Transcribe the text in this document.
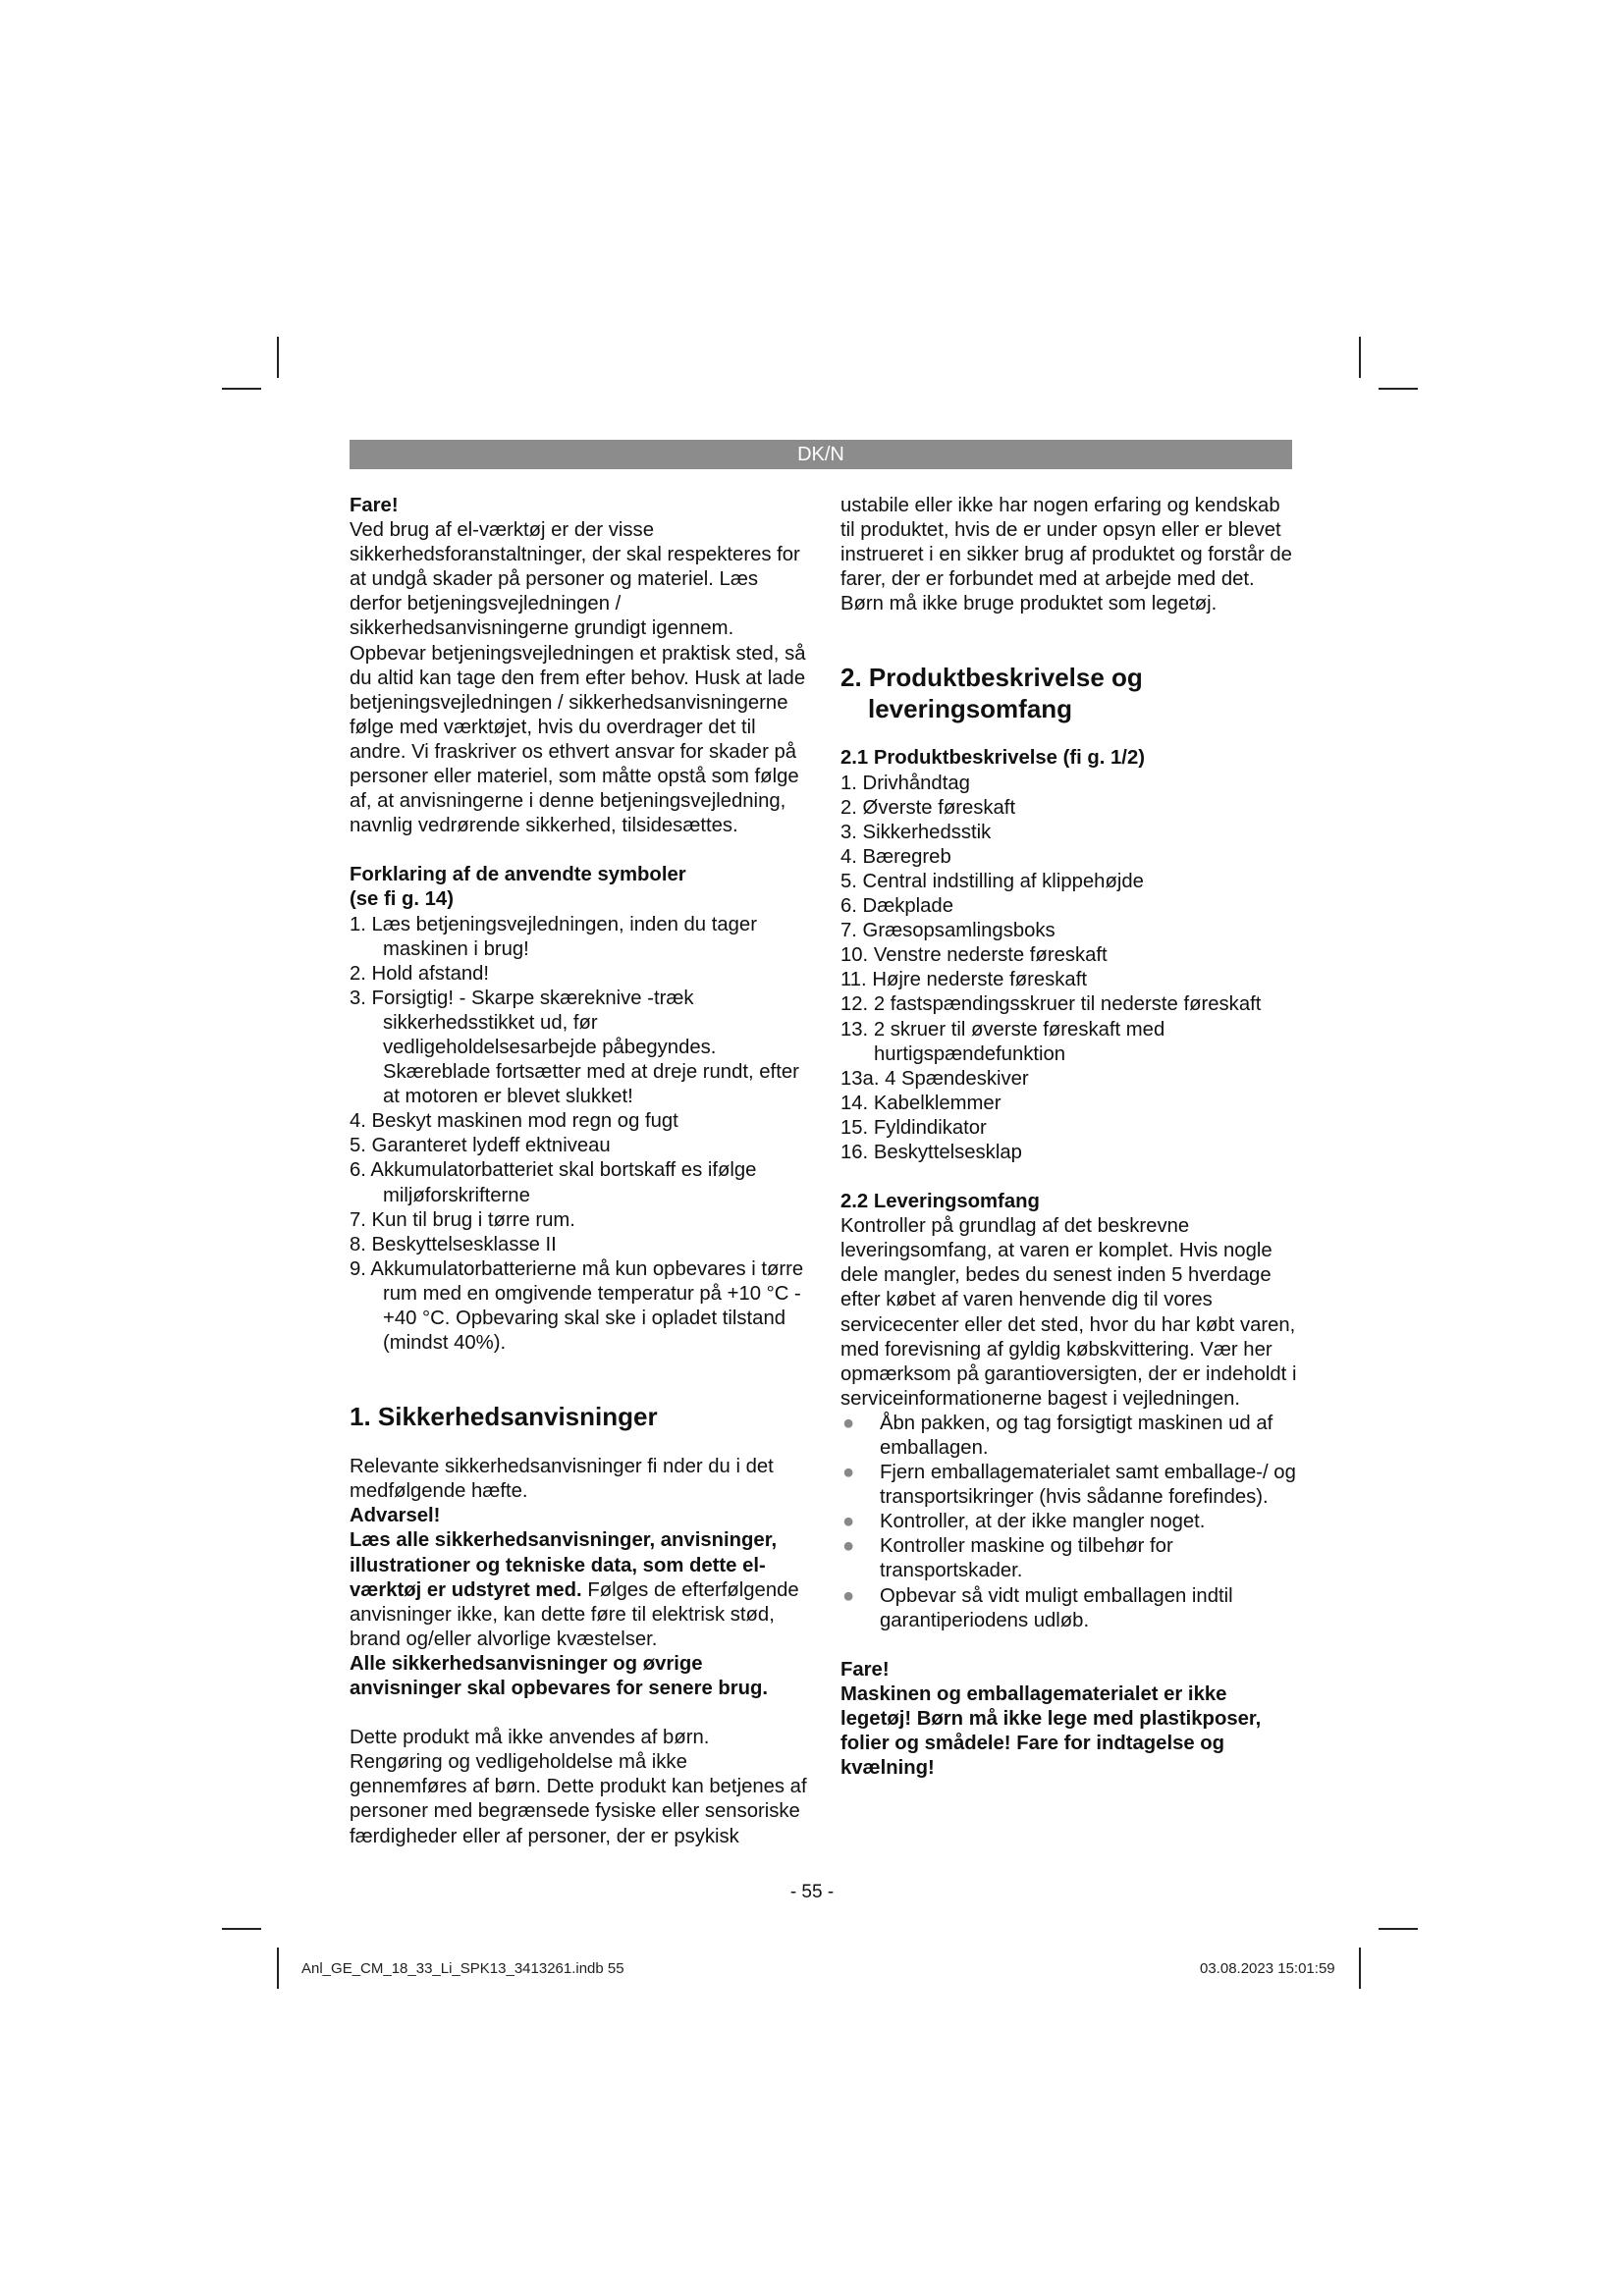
DK/N

Fare!

Ved brug af el-værktøj er der visse sikkerhedsforanstaltninger, der skal respekteres for at undgå skader på personer og materiel. Læs derfor betjeningsvejledningen / sikkerhedsanvisningerne grundigt igennem. Opbevar betjeningsvejledningen et praktisk sted, så du altid kan tage den frem efter behov. Husk at lade betjeningsvejledningen / sikkerhedsanvisningerne følge med værktøjet, hvis du overdrager det til andre. Vi fraskriver os ethvert ansvar for skader på personer eller materiel, som måtte opstå som følge af, at anvisningerne i denne betjeningsvejledning, navnlig vedrørende sikkerhed, tilsidesættes.

Forklaring af de anvendte symboler

(se fi g. 14)

1. Læs betjeningsvejledningen, inden du tager maskinen i brug!

2. Hold afstand!

3. Forsigtig! - Skarpe skæreknive -træk sikkerhedsstikket ud, før vedligeholdelsesarbejde påbegyndes. Skæreblade fortsætter med at dreje rundt, efter at motoren er blevet slukket!

4. Beskyt maskinen mod regn og fugt

5. Garanteret lydeff ektniveau

6. Akkumulatorbatteriet skal bortskaff es ifølge miljøforskrifterne

7. Kun til brug i tørre rum.

8. Beskyttelsesklasse II

9. Akkumulatorbatterierne må kun opbevares i tørre rum med en omgivende temperatur på +10 °C - +40 °C. Opbevaring skal ske i opladet tilstand (mindst 40%).

1. Sikkerhedsanvisninger

Relevante sikkerhedsanvisninger fi nder du i det medfølgende hæfte.

Advarsel!

Læs alle sikkerhedsanvisninger, anvisninger, illustrationer og tekniske data, som dette el-værktøj er udstyret med. Følges de efterfølgende anvisninger ikke, kan dette føre til elektrisk stød, brand og/eller alvorlige kvæstelser.

Alle sikkerhedsanvisninger og øvrige anvisninger skal opbevares for senere brug.

Dette produkt må ikke anvendes af børn. Rengøring og vedligeholdelse må ikke gennemføres af børn. Dette produkt kan betjenes af personer med begrænsede fysiske eller sensoriske færdigheder eller af personer, der er psykisk

ustabile eller ikke har nogen erfaring og kendskab til produktet, hvis de er under opsyn eller er blevet instrueret i en sikker brug af produktet og forstår de farer, der er forbundet med at arbejde med det. Børn må ikke bruge produktet som legetøj.

2. Produktbeskrivelse og

leveringsomfang

2.1 Produktbeskrivelse (fi g. 1/2)

1. Drivhåndtag

2. Øverste føreskaft

3. Sikkerhedsstik

4. Bæregreb

5. Central indstilling af klippehøjde

6. Dækplade

7. Græsopsamlingsboks

10. Venstre nederste føreskaft

11. Højre nederste føreskaft

12. 2 fastspændingsskruer til nederste føreskaft

13. 2 skruer til øverste føreskaft med hurtigspændefunktion

13a. 4 Spændeskiver

14. Kabelklemmer

15. Fyldindikator

16. Beskyttelsesklap

2.2 Leveringsomfang

Kontroller på grundlag af det beskrevne leveringsomfang, at varen er komplet. Hvis nogle dele mangler, bedes du senest inden 5 hverdage efter købet af varen henvende dig til vores servicecenter eller det sted, hvor du har købt varen, med forevisning af gyldig købskvittering. Vær her opmærksom på garantioversigten, der er indeholdt i serviceinformationerne bagest i vejledningen.

● Åbn pakken, og tag forsigtigt maskinen ud af emballagen.
● Fjern emballagematerialet samt emballage-/ og transportsikringer (hvis sådanne forefindes).
● Kontroller, at der ikke mangler noget.
● Kontroller maskine og tilbehør for transportskader.
● Opbevar så vidt muligt emballagen indtil garantiperiodens udløb.

Fare!

Maskinen og emballagematerialet er ikke legetøj! Børn må ikke lege med plastikposer, folier og smådele! Fare for indtagelse og kvælning!

- 55 -
Anl_GE_CM_18_33_Li_SPK13_3413261.indb 55	03.08.2023 15:01:59
